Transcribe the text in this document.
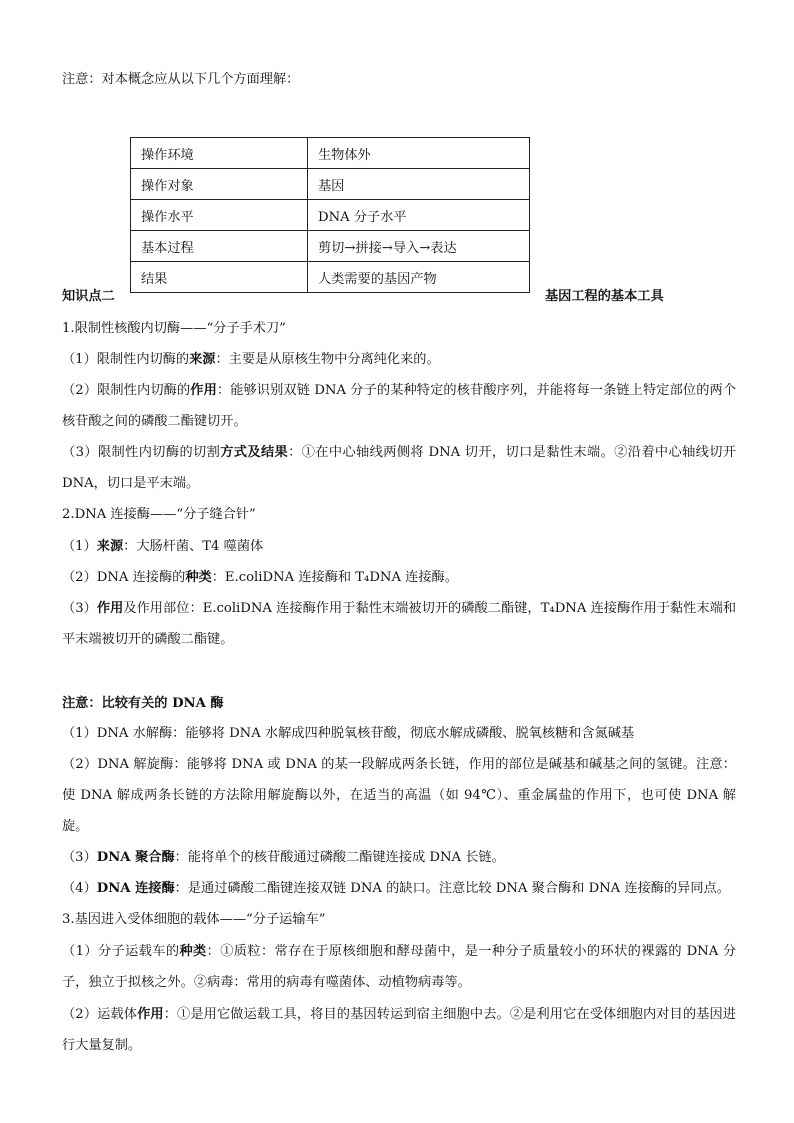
注意：对本概念应从以下几个方面理解：
操作环境	生物体外
操作对象	基因
操作水平	DNA 分子水平
基本过程	剪切→拼接→导入→表达
结果	人类需要的基因产物
知识点二	基因工程的基本工具
1.限制性核酸内切酶——“分子手术刀”
（1）限制性内切酶的来源：主要是从原核生物中分离纯化来的。
（2）限制性内切酶的作用：能够识别双链 DNA 分子的某种特定的核苷酸序列，并能将每一条链上特定部位的两个核苷酸之间的磷酸二酯键切开。
（3）限制性内切酶的切割方式及结果：①在中心轴线两侧将 DNA 切开，切口是黏性末端。②沿着中心轴线切开 DNA，切口是平末端。
2.DNA 连接酶——“分子缝合针”
（1）来源：大肠杆菌、T4 噬菌体
（2）DNA 连接酶的种类：E.coliDNA 连接酶和 T₄DNA 连接酶。
（3）作用及作用部位：E.coliDNA 连接酶作用于黏性末端被切开的磷酸二酯键，T₄DNA 连接酶作用于黏性末端和平末端被切开的磷酸二酯键。
注意：比较有关的 DNA 酶
（1）DNA 水解酶：能够将 DNA 水解成四种脱氧核苷酸，彻底水解成磷酸、脱氧核糖和含氮碱基
（2）DNA 解旋酶：能够将 DNA 或 DNA 的某一段解成两条长链，作用的部位是碱基和碱基之间的氢键。注意：使 DNA 解成两条长链的方法除用解旋酶以外，在适当的高温（如 94℃）、重金属盐的作用下，也可使 DNA 解旋。
（3）DNA 聚合酶：能将单个的核苷酸通过磷酸二酯键连接成 DNA 长链。
（4）DNA 连接酶：是通过磷酸二酯键连接双链 DNA 的缺口。注意比较 DNA 聚合酶和 DNA 连接酶的异同点。
3.基因进入受体细胞的载体——“分子运输车”
（1）分子运载车的种类：①质粒：常存在于原核细胞和酵母菌中，是一种分子质量较小的环状的裸露的 DNA 分子，独立于拟核之外。②病毒：常用的病毒有噬菌体、动植物病毒等。
（2）运载体作用：①是用它做运载工具，将目的基因转运到宿主细胞中去。②是利用它在受体细胞内对目的基因进行大量复制。
